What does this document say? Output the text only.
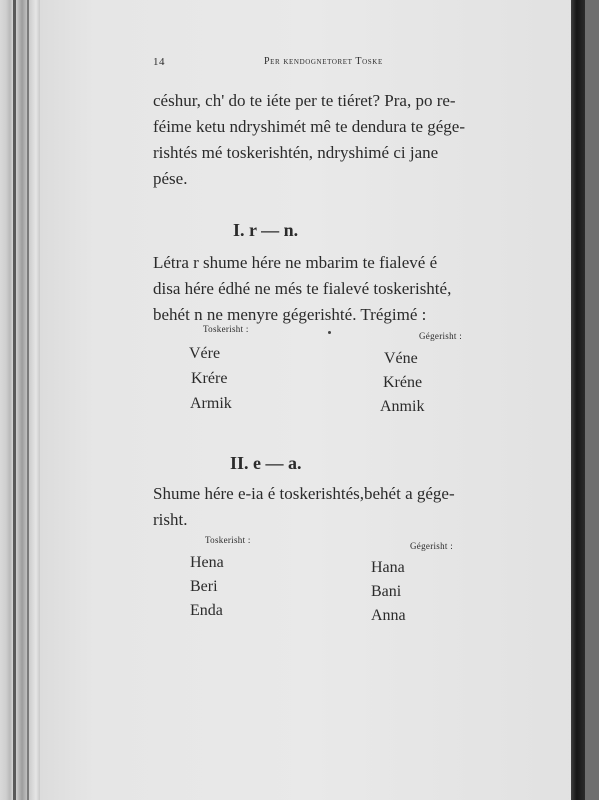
14	Per kendognetoret Toske
céshur, ch' do te iéte per te tiéret? Pra, po re-
féime ketu ndryshimét mê te dendura te gége-
rishtés mé toskerishtén, ndryshimé ci jane
pése.
I. r — n.
Létra r shume hére ne mbarim te fialevé é
disa hére édhé ne més te fialevé toskerishté,
behét n ne menyre gégerishté. Trégimé :
Toskerisht :
Gégerisht :
Vére
Krére
Armik
Véne
Kréne
Anmik
II. e — a.
Shume hére e-ia é toskerishtés,behét a gége-
risht.
Toskerisht :
Gégerisht :
Hena
Beri
Enda
Hana
Bani
Anna
